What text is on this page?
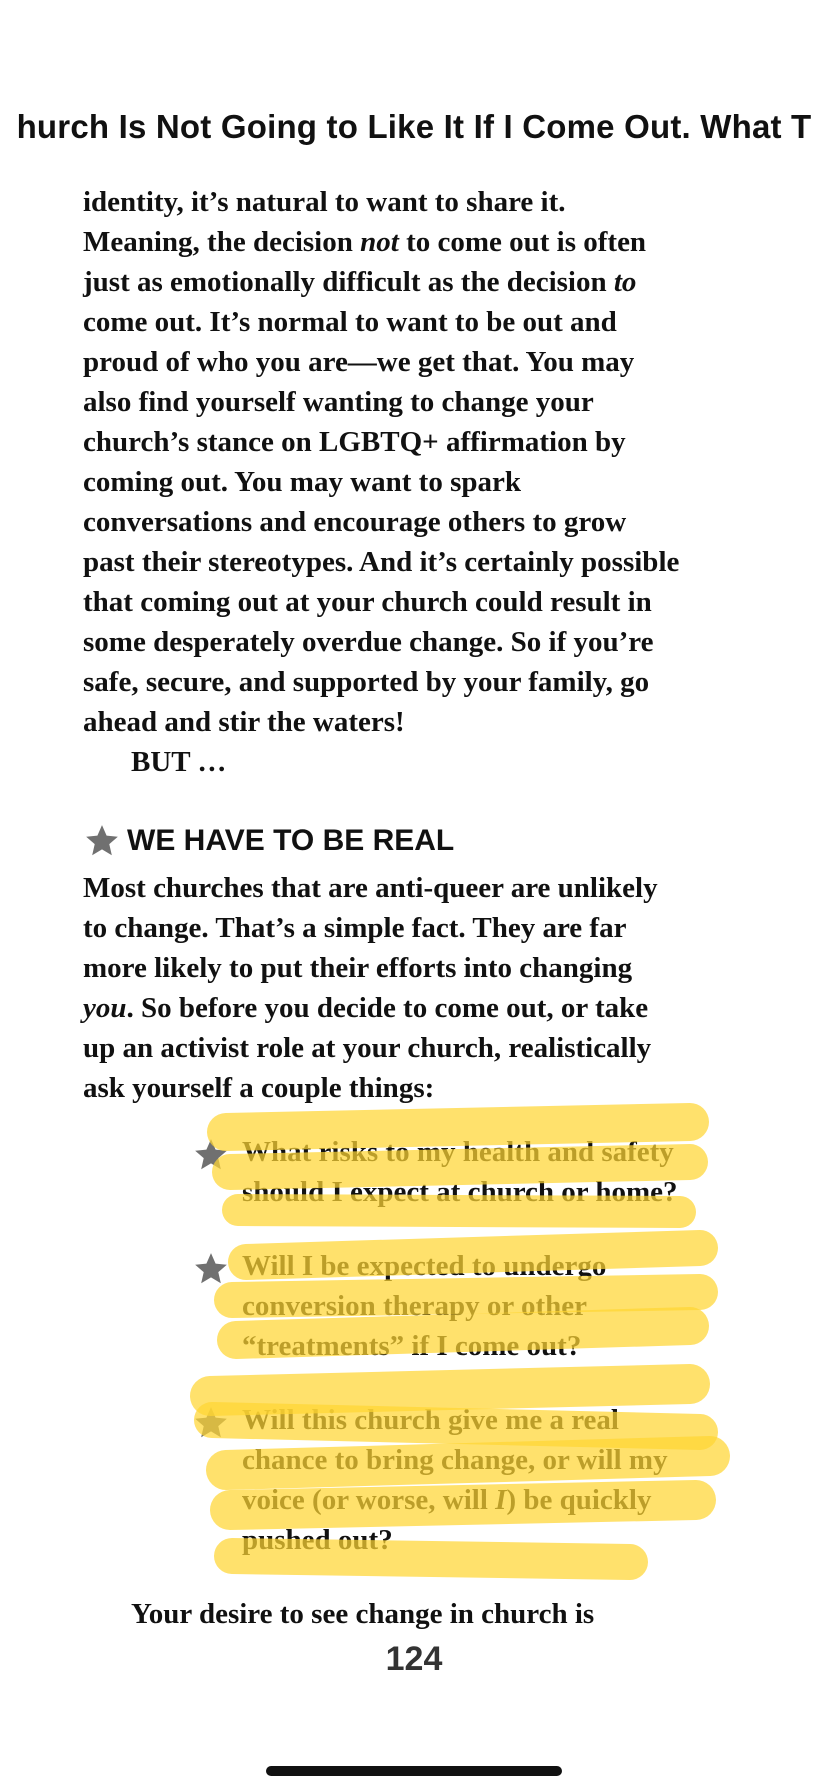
hurch Is Not Going to Like It If I Come Out. What T
identity, it’s natural to want to share it.
Meaning, the decision not to come out is often
just as emotionally difficult as the decision to
come out. It’s normal to want to be out and
proud of who you are—we get that. You may
also find yourself wanting to change your
church’s stance on LGBTQ+ affirmation by
coming out. You may want to spark
conversations and encourage others to grow
past their stereotypes. And it’s certainly possible
that coming out at your church could result in
some desperately overdue change. So if you’re
safe, secure, and supported by your family, go
ahead and stir the waters!
BUT …
WE HAVE TO BE REAL
Most churches that are anti-queer are unlikely
to change. That’s a simple fact. They are far
more likely to put their efforts into changing
you. So before you decide to come out, or take
up an activist role at your church, realistically
ask yourself a couple things:
What risks to my health and safety
should I expect at church or home?
Will I be expected to undergo
conversion therapy or other
“treatments” if I come out?
Will this church give me a real
chance to bring change, or will my
voice (or worse, will I) be quickly
pushed out?
Your desire to see change in church is
124
